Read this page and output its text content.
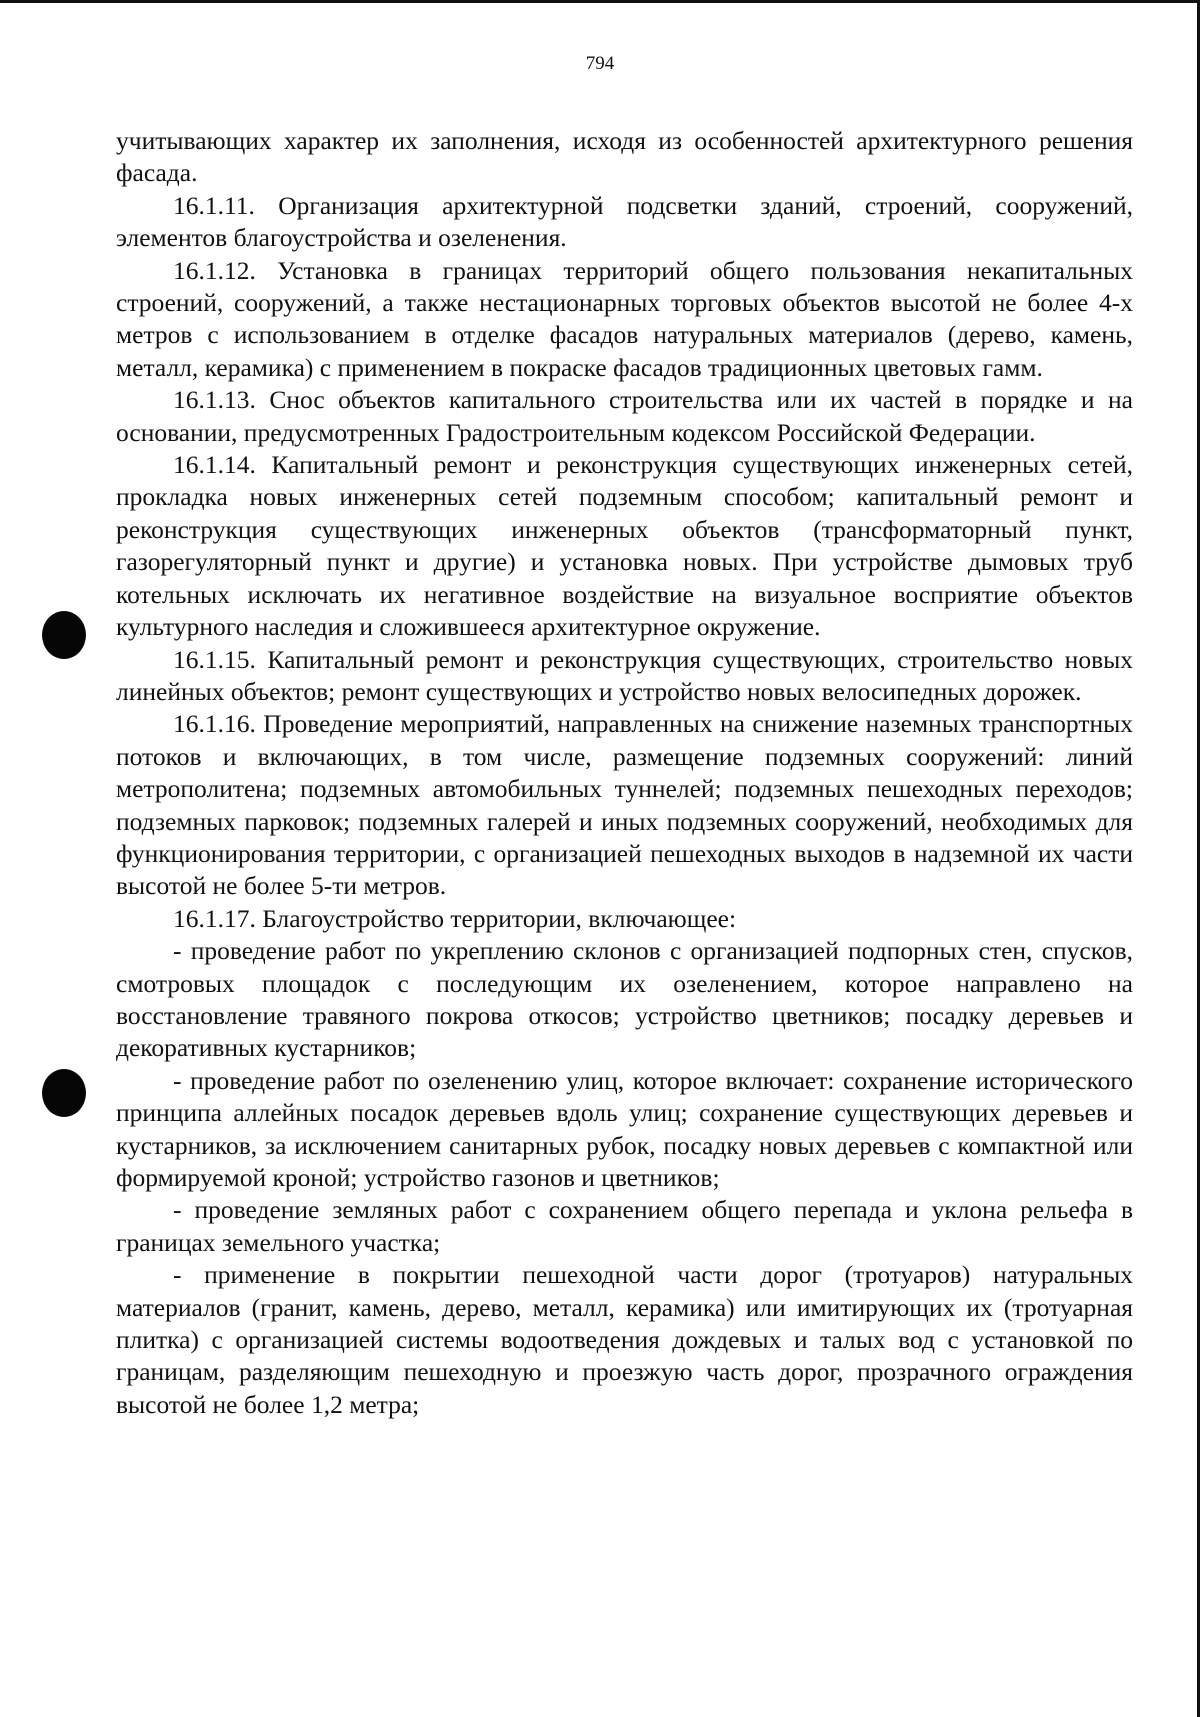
794

учитывающих характер их заполнения, исходя из особенностей архитектурного решения фасада.

16.1.11. Организация архитектурной подсветки зданий, строений, сооружений, элементов благоустройства и озеленения.

16.1.12. Установка в границах территорий общего пользования некапитальных строений, сооружений, а также нестационарных торговых объектов высотой не более 4-х метров с использованием в отделке фасадов натуральных материалов (дерево, камень, металл, керамика) с применением в покраске фасадов традиционных цветовых гамм.

16.1.13. Снос объектов капитального строительства или их частей в порядке и на основании, предусмотренных Градостроительным кодексом Российской Федерации.

16.1.14. Капитальный ремонт и реконструкция существующих инженерных сетей, прокладка новых инженерных сетей подземным способом; капитальный ремонт и реконструкция существующих инженерных объектов (трансформаторный пункт, газорегуляторный пункт и другие) и установка новых. При устройстве дымовых труб котельных исключать их негативное воздействие на визуальное восприятие объектов культурного наследия и сложившееся архитектурное окружение.

16.1.15. Капитальный ремонт и реконструкция существующих, строительство новых линейных объектов; ремонт существующих и устройство новых велосипедных дорожек.

16.1.16. Проведение мероприятий, направленных на снижение наземных транспортных потоков и включающих, в том числе, размещение подземных сооружений: линий метрополитена; подземных автомобильных туннелей; подземных пешеходных переходов; подземных парковок; подземных галерей и иных подземных сооружений, необходимых для функционирования территории, с организацией пешеходных выходов в надземной их части высотой не более 5-ти метров.

16.1.17. Благоустройство территории, включающее:

- проведение работ по укреплению склонов с организацией подпорных стен, спусков, смотровых площадок с последующим их озеленением, которое направлено на восстановление травяного покрова откосов; устройство цветников; посадку деревьев и декоративных кустарников;

- проведение работ по озеленению улиц, которое включает: сохранение исторического принципа аллейных посадок деревьев вдоль улиц; сохранение существующих деревьев и кустарников, за исключением санитарных рубок, посадку новых деревьев с компактной или формируемой кроной; устройство газонов и цветников;

- проведение земляных работ с сохранением общего перепада и уклона рельефа в границах земельного участка;

- применение в покрытии пешеходной части дорог (тротуаров) натуральных материалов (гранит, камень, дерево, металл, керамика) или имитирующих их (тротуарная плитка) с организацией системы водоотведения дождевых и талых вод с установкой по границам, разделяющим пешеходную и проезжую часть дорог, прозрачного ограждения высотой не более 1,2 метра;
